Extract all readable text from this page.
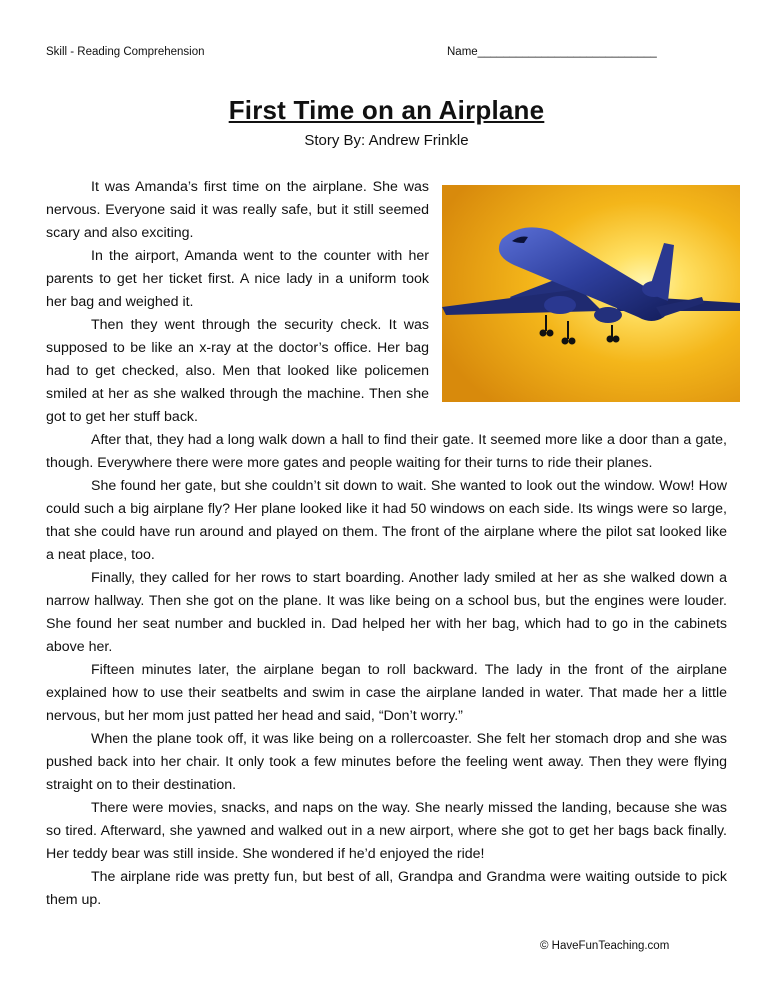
Skill - Reading Comprehension	Name____________________________
First Time on an Airplane
Story By: Andrew Frinkle

It was Amanda’s first time on the airplane. She was nervous. Everyone said it was really safe, but it still seemed scary and also exciting.

In the airport, Amanda went to the counter with her parents to get her ticket first. A nice lady in a uniform took her bag and weighed it.

Then they went through the security check. It was supposed to be like an x-ray at the doctor’s office. Her bag had to get checked, also. Men that looked like policemen smiled at her as she walked through the machine. Then she got to get her stuff back.

After that, they had a long walk down a hall to find their gate. It seemed more like a door than a gate, though. Everywhere there were more gates and people waiting for their turns to ride their planes.

She found her gate, but she couldn’t sit down to wait. She wanted to look out the window. Wow! How could such a big airplane fly? Her plane looked like it had 50 windows on each side. Its wings were so large, that she could have run around and played on them. The front of the airplane where the pilot sat looked like a neat place, too.

Finally, they called for her rows to start boarding. Another lady smiled at her as she walked down a narrow hallway. Then she got on the plane. It was like being on a school bus, but the engines were louder. She found her seat number and buckled in. Dad helped her with her bag, which had to go in the cabinets above her.

Fifteen minutes later, the airplane began to roll backward. The lady in the front of the airplane explained how to use their seatbelts and swim in case the airplane landed in water. That made her a little nervous, but her mom just patted her head and said, “Don’t worry.”

When the plane took off, it was like being on a rollercoaster. She felt her stomach drop and she was pushed back into her chair. It only took a few minutes before the feeling went away. Then they were flying straight on to their destination.

There were movies, snacks, and naps on the way. She nearly missed the landing, because she was so tired. Afterward, she yawned and walked out in a new airport, where she got to get her bags back finally. Her teddy bear was still inside. She wondered if he’d enjoyed the ride!

The airplane ride was pretty fun, but best of all, Grandpa and Grandma were waiting outside to pick them up.

© HaveFunTeaching.com
